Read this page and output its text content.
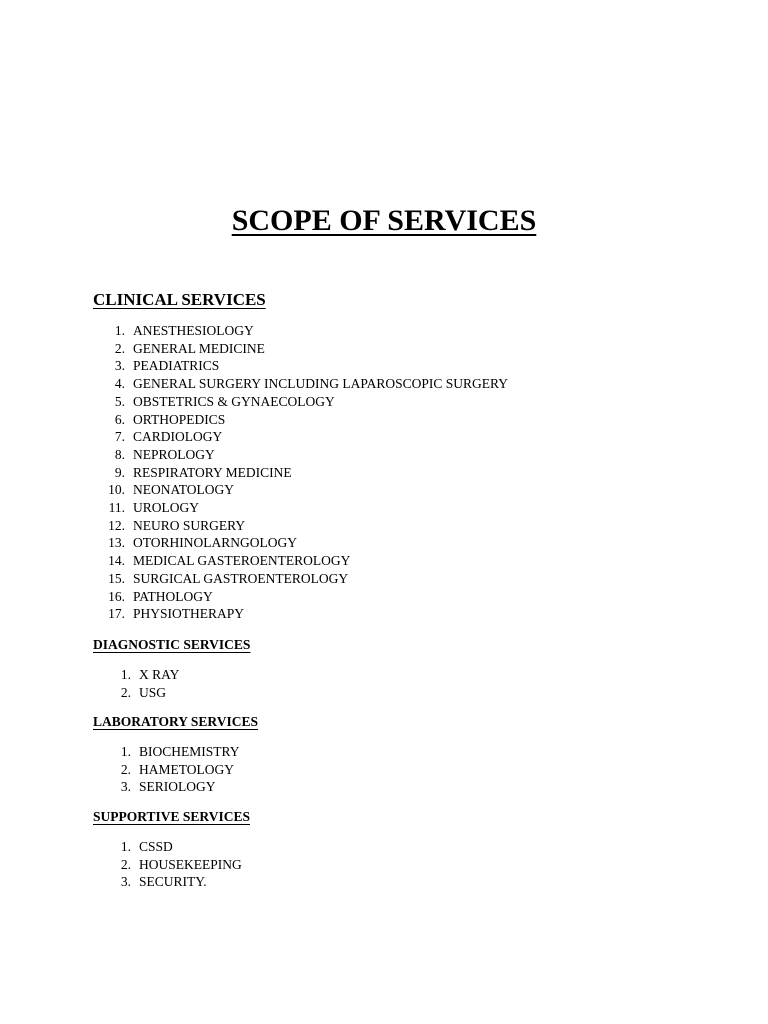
SCOPE OF SERVICES
CLINICAL SERVICES
1. ANESTHESIOLOGY
2. GENERAL MEDICINE
3. PEADIATRICS
4. GENERAL SURGERY INCLUDING LAPAROSCOPIC SURGERY
5. OBSTETRICS & GYNAECOLOGY
6. ORTHOPEDICS
7. CARDIOLOGY
8. NEPROLOGY
9. RESPIRATORY MEDICINE
10. NEONATOLOGY
11. UROLOGY
12. NEURO SURGERY
13. OTORHINOLARNGOLOGY
14. MEDICAL GASTEROENTEROLOGY
15. SURGICAL GASTROENTEROLOGY
16. PATHOLOGY
17. PHYSIOTHERAPY
DIAGNOSTIC SERVICES
1. X RAY
2. USG
LABORATORY SERVICES
1. BIOCHEMISTRY
2. HAMETOLOGY
3. SERIOLOGY
SUPPORTIVE SERVICES
1. CSSD
2. HOUSEKEEPING
3. SECURITY.
